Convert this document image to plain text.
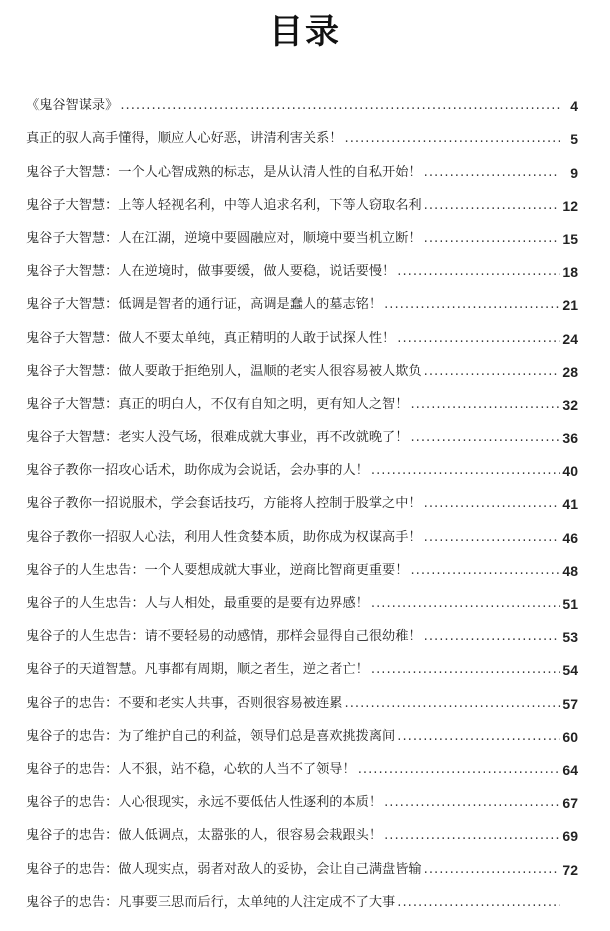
目录
《鬼谷智谋录》 .....	4
真正的驭人高手懂得，顺应人心好恶，讲清利害关系！ .....	5
鬼谷子大智慧：一个人心智成熟的标志，是从认清人性的自私开始！ .....	9
鬼谷子大智慧：上等人轻视名利，中等人追求名利，下等人窃取名利 .....	12
鬼谷子大智慧：人在江湖，逆境中要圆融应对，顺境中要当机立断！ .....	15
鬼谷子大智慧：人在逆境时，做事要缓，做人要稳，说话要慢！ .....	18
鬼谷子大智慧：低调是智者的通行证，高调是蠢人的墓志铭！ .....	21
鬼谷子大智慧：做人不要太单纯，真正精明的人敢于试探人性！ .....	24
鬼谷子大智慧：做人要敢于拒绝别人，温顺的老实人很容易被人欺负 .....	28
鬼谷子大智慧：真正的明白人，不仅有自知之明，更有知人之智！ .....	32
鬼谷子大智慧：老实人没气场，很难成就大事业，再不改就晚了！ .....	36
鬼谷子教你一招攻心话术，助你成为会说话，会办事的人！ .....	40
鬼谷子教你一招说服术，学会套话技巧，方能将人控制于股掌之中！ .....	41
鬼谷子教你一招驭人心法，利用人性贪婪本质，助你成为权谋高手！ .....	46
鬼谷子的人生忠告：一个人要想成就大事业，逆商比智商更重要！ .....	48
鬼谷子的人生忠告：人与人相处，最重要的是要有边界感！ .....	51
鬼谷子的人生忠告：请不要轻易的动感情，那样会显得自己很幼稚！ .....	53
鬼谷子的天道智慧。凡事都有周期，顺之者生，逆之者亡！ .....	54
鬼谷子的忠告：不要和老实人共事，否则很容易被连累 .....	57
鬼谷子的忠告：为了维护自己的利益，领导们总是喜欢挑拨离间 .....	60
鬼谷子的忠告：人不狠，站不稳，心软的人当不了领导！ .....	64
鬼谷子的忠告：人心很现实，永远不要低估人性逐利的本质！ .....	67
鬼谷子的忠告：做人低调点，太嚣张的人，很容易会栽跟头！ .....	69
鬼谷子的忠告：做人现实点，弱者对敌人的妥协，会让自己满盘皆输 .....	72
鬼谷子的忠告：凡事要三思而后行，太单纯的人注定成不了大事
.....
